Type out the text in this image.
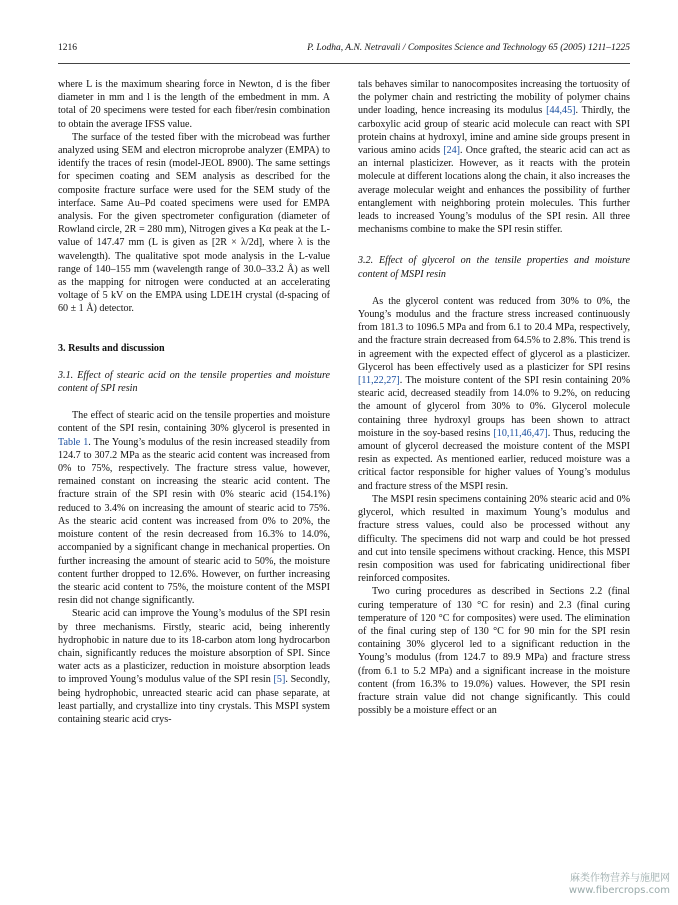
1216	P. Lodha, A.N. Netravali / Composites Science and Technology 65 (2005) 1211–1225

where L is the maximum shearing force in Newton, d is the fiber diameter in mm and l is the length of the embedment in mm. A total of 20 specimens were tested for each fiber/resin combination to obtain the average IFSS value.

The surface of the tested fiber with the microbead was further analyzed using SEM and electron microprobe analyzer (EMPA) to identify the traces of resin (model-JEOL 8900). The same settings for specimen coating and SEM analysis as described for the composite fracture surface were used for the SEM study of the interface. Same Au–Pd coated specimens were used for EMPA analysis. For the given spectrometer configuration (diameter of Rowland circle, 2R = 280 mm), Nitrogen gives a Kα peak at the L-value of 147.47 mm (L is given as [2R × λ/2d], where λ is the wavelength). The qualitative spot mode analysis in the L-value range of 140–155 mm (wavelength range of 30.0–33.2 Å) as well as the mapping for nitrogen were conducted at an accelerating voltage of 5 kV on the EMPA using LDE1H crystal (d-spacing of 60 ± 1 Å) detector.

3. Results and discussion
3.1. Effect of stearic acid on the tensile properties and moisture content of SPI resin

The effect of stearic acid on the tensile properties and moisture content of the SPI resin, containing 30% glycerol is presented in Table 1. The Young’s modulus of the resin increased steadily from 124.7 to 307.2 MPa as the stearic acid content was increased from 0% to 75%, respectively. The fracture stress value, however, remained constant on increasing the stearic acid content. The fracture strain of the SPI resin with 0% stearic acid (154.1%) reduced to 3.4% on increasing the amount of stearic acid to 75%. As the stearic acid content was increased from 0% to 20%, the moisture content of the resin decreased from 16.3% to 14.0%, accompanied by a significant change in mechanical properties. On further increasing the amount of stearic acid to 50%, the moisture content further dropped to 12.6%. However, on further increasing the stearic acid content to 75%, the moisture content of the MSPI resin did not change significantly.

Stearic acid can improve the Young’s modulus of the SPI resin by three mechanisms. Firstly, stearic acid, being inherently hydrophobic in nature due to its 18-carbon atom long hydrocarbon chain, significantly reduces the moisture absorption of SPI. Since water acts as a plasticizer, reduction in moisture absorption leads to improved Young’s modulus value of the SPI resin [5]. Secondly, being hydrophobic, unreacted stearic acid can phase separate, at least partially, and crystallize into tiny crystals. This MSPI system containing stearic acid crys-

tals behaves similar to nanocomposites increasing the tortuosity of the polymer chain and restricting the mobility of polymer chains under loading, hence increasing its modulus [44,45]. Thirdly, the carboxylic acid group of stearic acid molecule can react with SPI protein chains at hydroxyl, imine and amine side groups present in various amino acids [24]. Once grafted, the stearic acid can act as an internal plasticizer. However, as it reacts with the protein molecule at different locations along the chain, it also increases the average molecular weight and enhances the possibility of further entanglement with neighboring protein molecules. This further leads to increased Young’s modulus of the SPI resin. All three mechanisms combine to make the SPI resin stiffer.

3.2. Effect of glycerol on the tensile properties and moisture content of MSPI resin

As the glycerol content was reduced from 30% to 0%, the Young’s modulus and the fracture stress increased continuously from 181.3 to 1096.5 MPa and from 6.1 to 20.4 MPa, respectively, and the fracture strain decreased from 64.5% to 2.8%. This trend is in agreement with the expected effect of glycerol as a plasticizer. Glycerol has been effectively used as a plasticizer for SPI resins [11,22,27]. The moisture content of the SPI resin containing 20% stearic acid, decreased steadily from 14.0% to 9.2%, on reducing the amount of glycerol from 30% to 0%. Glycerol molecule containing three hydroxyl groups has been shown to attract moisture in the soy-based resins [10,11,46,47]. Thus, reducing the amount of glycerol decreased the moisture content of the MSPI resin as expected. As mentioned earlier, reduced moisture was a critical factor responsible for higher values of Young’s modulus and fracture stress of the MSPI resin.

The MSPI resin specimens containing 20% stearic acid and 0% glycerol, which resulted in maximum Young’s modulus and fracture stress values, could also be processed without any difficulty. The specimens did not warp and could be hot pressed and cut into tensile specimens without cracking. Hence, this MSPI resin composition was used for fabricating unidirectional fiber reinforced composites.

Two curing procedures as described in Sections 2.2 (final curing temperature of 130 °C for resin) and 2.3 (final curing temperature of 120 °C for composites) were used. The elimination of the final curing step of 130 °C for 90 min for the SPI resin containing 30% glycerol led to a significant reduction in the Young’s modulus (from 124.7 to 89.9 MPa) and fracture stress (from 6.1 to 5.2 MPa) and a significant increase in the moisture content (from 16.3% to 19.0%) values. However, the SPI resin fracture strain value did not change significantly. This could possibly be a moisture effect or an

麻类作物营养与施肥网
www.fibercrops.com
